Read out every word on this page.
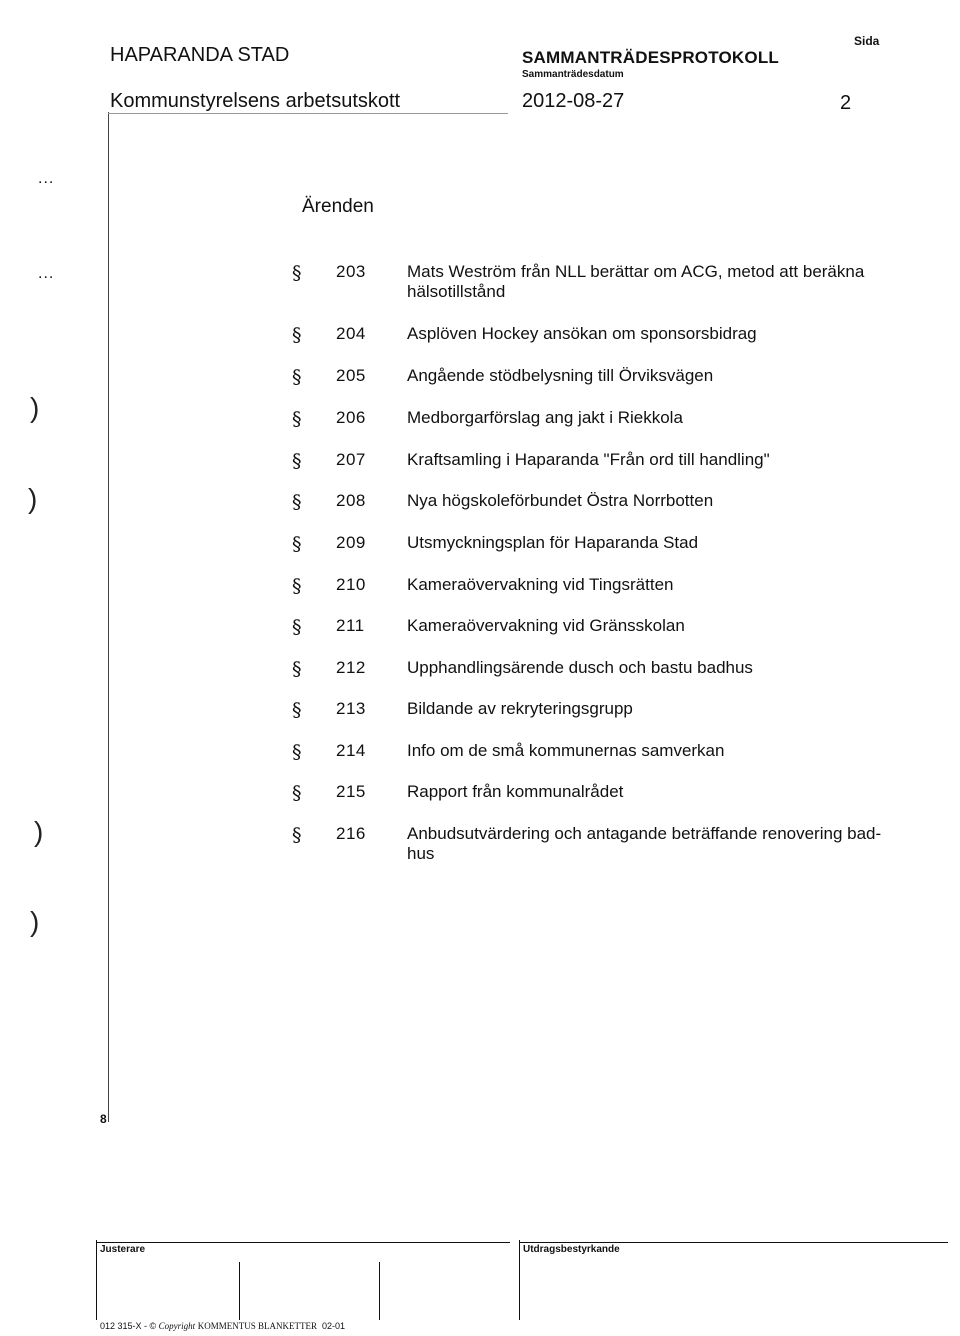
HAPARANDA STAD
Kommunstyrelsens arbetsutskott
SAMMANTRÄDESPROTOKOLL
Sammanträdesdatum
2012-08-27
Sida
2
Ärenden
§ 203 Mats Weström från NLL berättar om ACG, metod att beräkna hälsotillstånd
§ 204 Asplöven Hockey ansökan om sponsorsbidrag
§ 205 Angående stödbelysning till Örviksvägen
§ 206 Medborgarförslag ang jakt i Riekkola
§ 207 Kraftsamling i Haparanda "Från ord till handling"
§ 208 Nya högskoleförbundet Östra Norrbotten
§ 209 Utsmyckningsplan för Haparanda Stad
§ 210 Kameraövervakning vid Tingsrätten
§ 211 Kameraövervakning vid Gränsskolan
§ 212 Upphandlingsärende dusch och bastu badhus
§ 213 Bildande av rekryteringsgrupp
§ 214 Info om de små kommunernas samverkan
§ 215 Rapport från kommunalrådet
§ 216 Anbudsutvärdering och antagande beträffande renovering bad-hus
...
...
)
)
)
)
8
Justerare	Utdragsbestyrkande
012 315-X - © Copyright KOMMENTUS BLANKETTER 02-01
